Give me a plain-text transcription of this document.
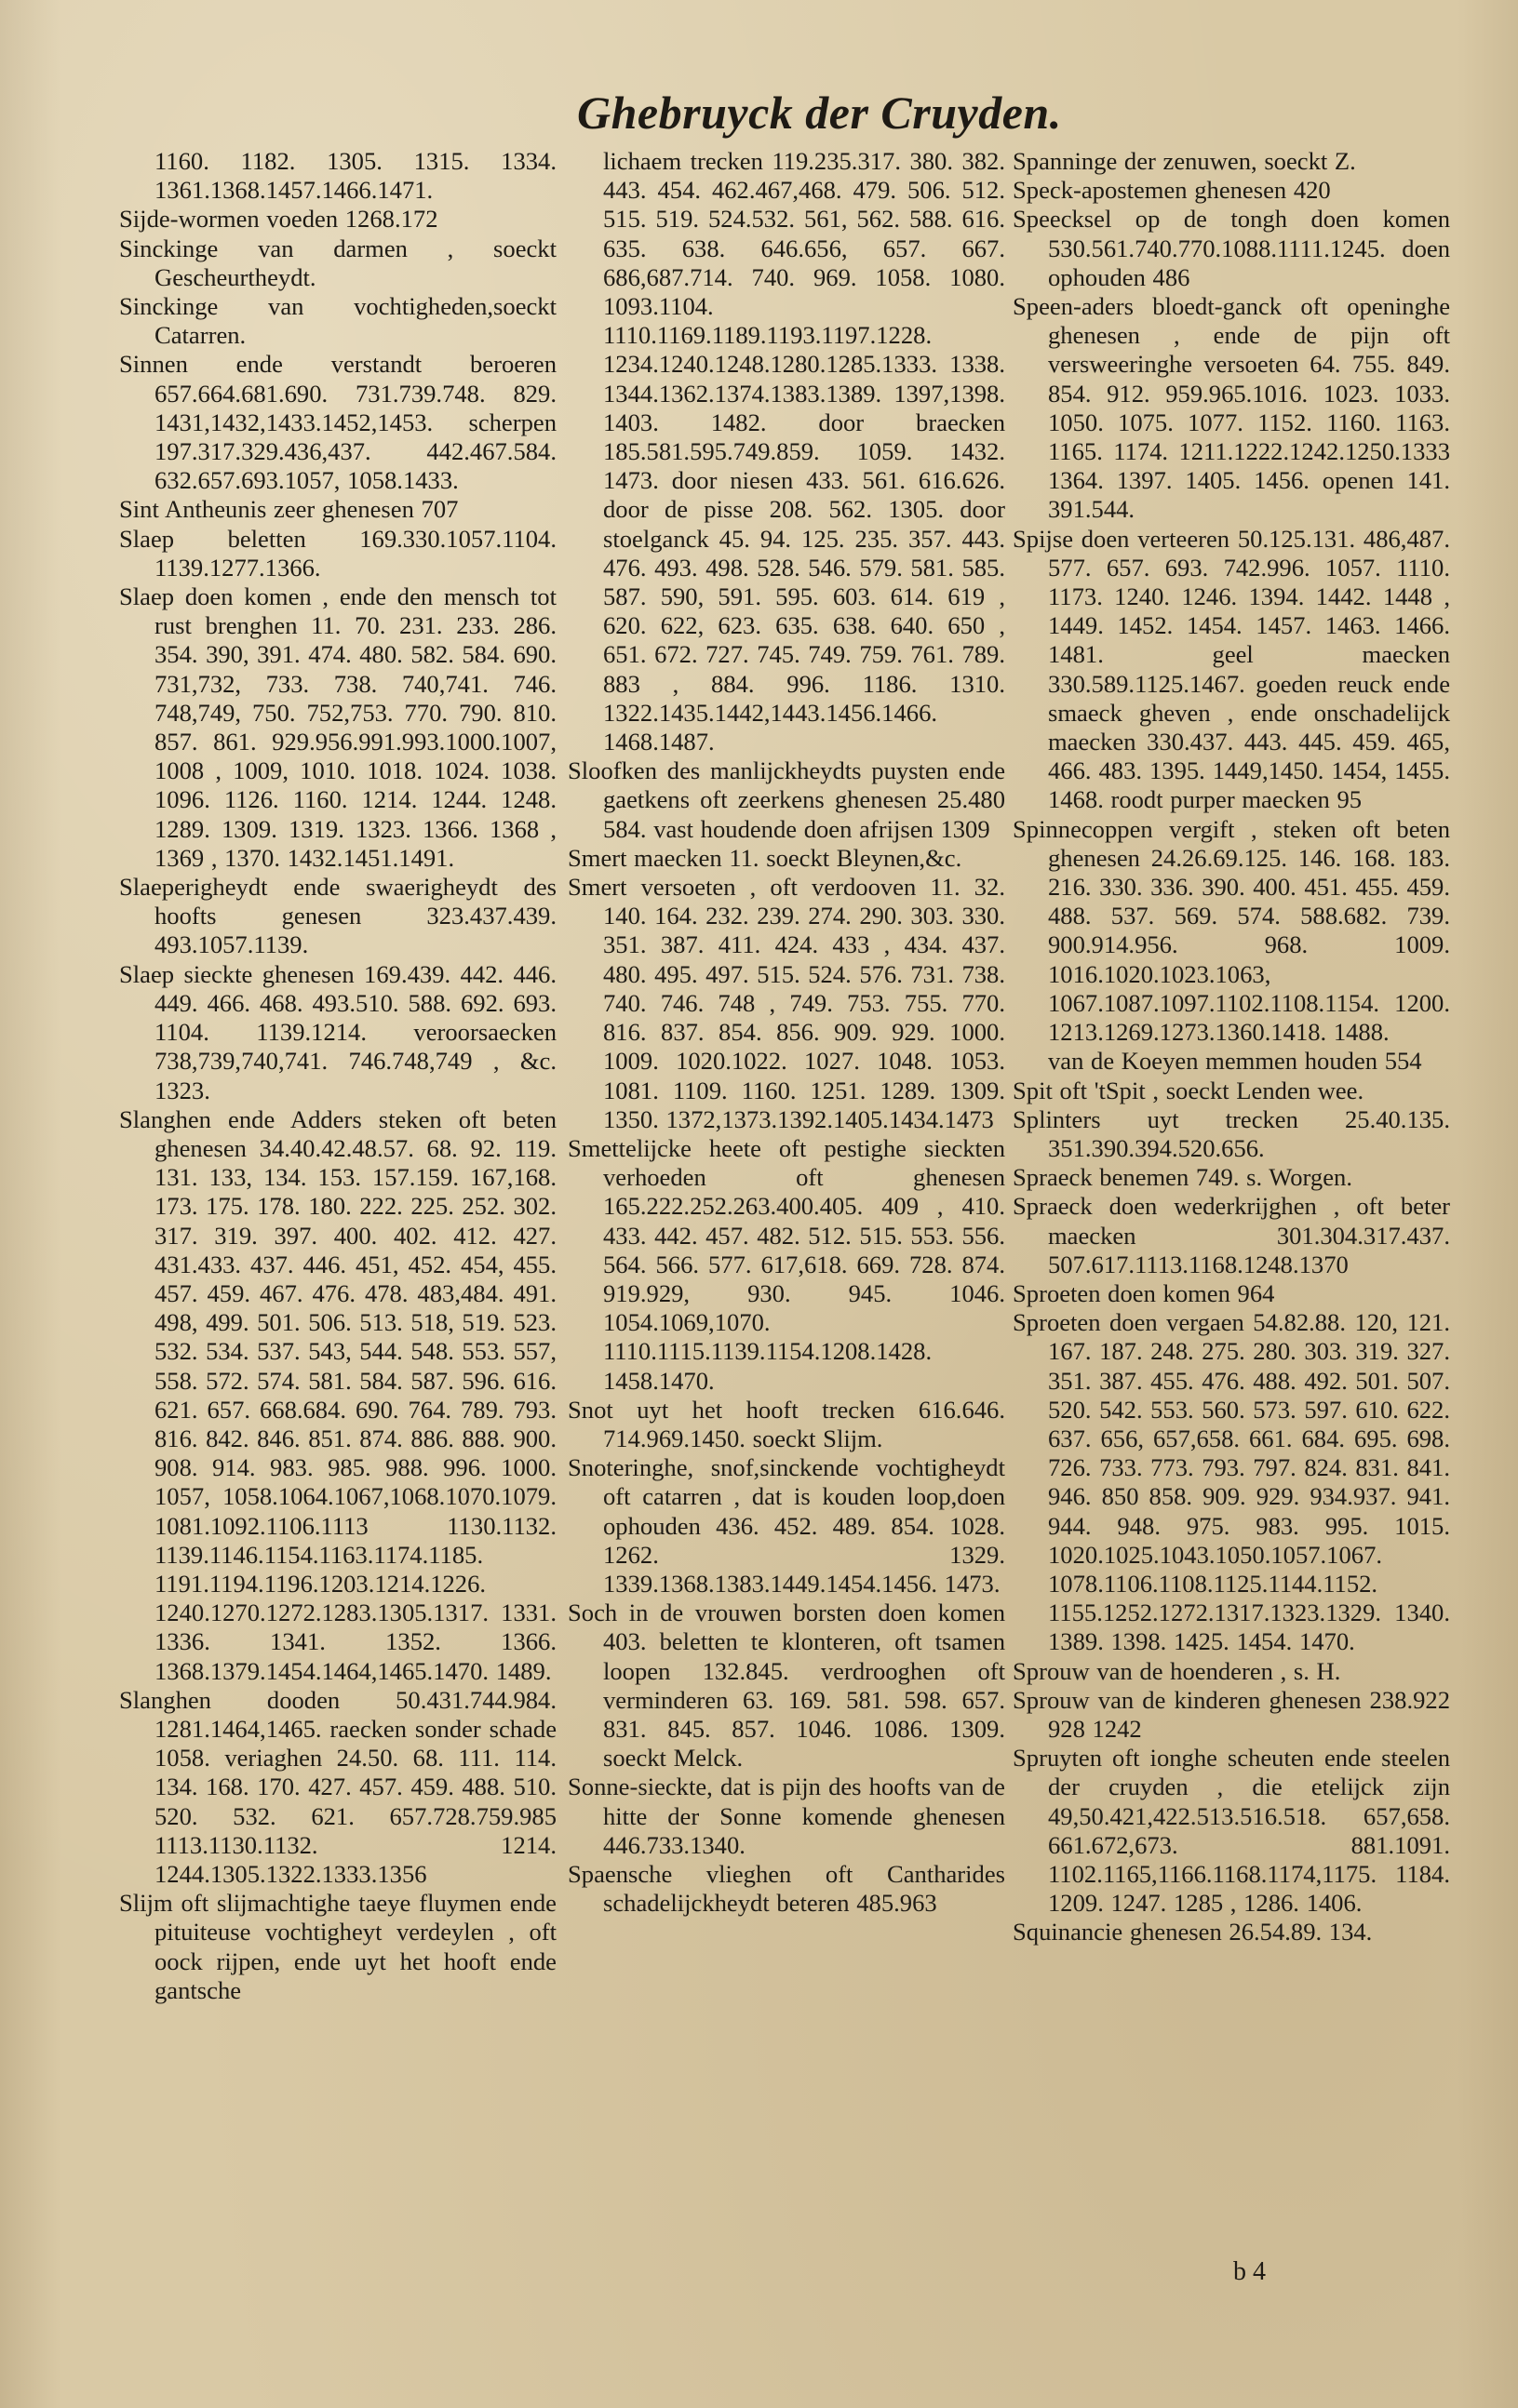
Ghebruyck der Cruyden.

1160. 1182. 1305. 1315. 1334. 1361.1368.1457.1466.1471.

Sijde-wormen voeden 1268.172

Sinckinge van darmen , soeckt Gescheurtheydt.

Sinckinge van vochtigheden,soeckt Catarren.

Sinnen ende verstandt beroeren 657.664.681.690. 731.739.748. 829. 1431,1432,1433.1452,1453. scherpen 197.317.329.436,437. 442.467.584. 632.657.693.1057, 1058.1433.

Sint Antheunis zeer ghenesen 707

Slaep beletten 169.330.1057.1104. 1139.1277.1366.

Slaep doen komen , ende den mensch tot rust brenghen 11. 70. 231. 233. 286. 354. 390, 391. 474. 480. 582. 584. 690. 731,732, 733. 738. 740,741. 746. 748,749, 750. 752,753. 770. 790. 810. 857. 861. 929.956.991.993.1000.1007, 1008 , 1009, 1010. 1018. 1024. 1038. 1096. 1126. 1160. 1214. 1244. 1248. 1289. 1309. 1319. 1323. 1366. 1368 , 1369 , 1370. 1432.1451.1491.

Slaeperigheydt ende swaerigheydt des hoofts genesen 323.437.439. 493.1057.1139.

Slaep sieckte ghenesen 169.439. 442. 446. 449. 466. 468. 493.510. 588. 692. 693. 1104. 1139.1214. veroorsaecken 738,739,740,741. 746.748,749 , &c. 1323.

Slanghen ende Adders steken oft beten ghenesen 34.40.42.48.57. 68. 92. 119. 131. 133, 134. 153. 157.159. 167,168. 173. 175. 178. 180. 222. 225. 252. 302. 317. 319. 397. 400. 402. 412. 427. 431.433. 437. 446. 451, 452. 454, 455. 457. 459. 467. 476. 478. 483,484. 491. 498, 499. 501. 506. 513. 518, 519. 523. 532. 534. 537. 543, 544. 548. 553. 557, 558. 572. 574. 581. 584. 587. 596. 616. 621. 657. 668.684. 690. 764. 789. 793. 816. 842. 846. 851. 874. 886. 888. 900. 908. 914. 983. 985. 988. 996. 1000. 1057, 1058.1064.1067,1068.1070.1079. 1081.1092.1106.1113 1130.1132. 1139.1146.1154.1163.1174.1185. 1191.1194.1196.1203.1214.1226. 1240.1270.1272.1283.1305.1317. 1331. 1336. 1341. 1352. 1366. 1368.1379.1454.1464,1465.1470. 1489.

Slanghen dooden 50.431.744.984. 1281.1464,1465. raecken sonder schade 1058. veriaghen 24.50. 68. 111. 114. 134. 168. 170. 427. 457. 459. 488. 510. 520. 532. 621. 657.728.759.985 1113.1130.1132. 1214. 1244.1305.1322.1333.1356

Slijm oft slijmachtighe taeye fluymen ende pituiteuse vochtigheyt verdeylen , oft oock rijpen, ende uyt het hooft ende gantsche

lichaem trecken 119.235.317. 380. 382. 443. 454. 462.467,468. 479. 506. 512. 515. 519. 524.532. 561, 562. 588. 616. 635. 638. 646.656, 657. 667. 686,687.714. 740. 969. 1058. 1080. 1093.1104. 1110.1169.1189.1193.1197.1228. 1234.1240.1248.1280.1285.1333. 1338. 1344.1362.1374.1383.1389. 1397,1398. 1403. 1482. door braecken 185.581.595.749.859. 1059. 1432. 1473. door niesen 433. 561. 616.626. door de pisse 208. 562. 1305. door stoelganck 45. 94. 125. 235. 357. 443. 476. 493. 498. 528. 546. 579. 581. 585. 587. 590, 591. 595. 603. 614. 619 , 620. 622, 623. 635. 638. 640. 650 , 651. 672. 727. 745. 749. 759. 761. 789. 883 , 884. 996. 1186. 1310. 1322.1435.1442,1443.1456.1466. 1468.1487.

Sloofken des manlijckheydts puysten ende gaetkens oft zeerkens ghenesen 25.480 584. vast houdende doen afrijsen 1309

Smert maecken 11. soeckt Bleynen,&c.

Smert versoeten , oft verdooven 11. 32. 140. 164. 232. 239. 274. 290. 303. 330. 351. 387. 411. 424. 433 , 434. 437. 480. 495. 497. 515. 524. 576. 731. 738. 740. 746. 748 , 749. 753. 755. 770. 816. 837. 854. 856. 909. 929. 1000. 1009. 1020.1022. 1027. 1048. 1053. 1081. 1109. 1160. 1251. 1289. 1309. 1350. 1372,1373.1392.1405.1434.1473

Smettelijcke heete oft pestighe sieckten verhoeden oft ghenesen 165.222.252.263.400.405. 409 , 410. 433. 442. 457. 482. 512. 515. 553. 556. 564. 566. 577. 617,618. 669. 728. 874. 919.929, 930. 945. 1046. 1054.1069,1070. 1110.1115.1139.1154.1208.1428. 1458.1470.

Snot uyt het hooft trecken 616.646. 714.969.1450. soeckt Slijm.

Snoteringhe, snof,sinckende vochtigheydt oft catarren , dat is kouden loop,doen ophouden 436. 452. 489. 854. 1028. 1262. 1329. 1339.1368.1383.1449.1454.1456. 1473.

Soch in de vrouwen borsten doen komen 403. beletten te klonteren, oft tsamen loopen 132.845. verdrooghen oft verminderen 63. 169. 581. 598. 657. 831. 845. 857. 1046. 1086. 1309. soeckt Melck.

Sonne-sieckte, dat is pijn des hoofts van de hitte der Sonne komende ghenesen 446.733.1340.

Spaensche vlieghen oft Cantharides schadelijckheydt beteren 485.963

Spanninge der zenuwen, soeckt Z.

Speck-apostemen ghenesen 420

Speecksel op de tongh doen komen 530.561.740.770.1088.1111.1245. doen ophouden 486

Speen-aders bloedt-ganck oft openinghe ghenesen , ende de pijn oft versweeringhe versoeten 64. 755. 849. 854. 912. 959.965.1016. 1023. 1033. 1050. 1075. 1077. 1152. 1160. 1163. 1165. 1174. 1211.1222.1242.1250.1333 1364. 1397. 1405. 1456. openen 141. 391.544.

Spijse doen verteeren 50.125.131. 486,487. 577. 657. 693. 742.996. 1057. 1110. 1173. 1240. 1246. 1394. 1442. 1448 , 1449. 1452. 1454. 1457. 1463. 1466. 1481. geel maecken 330.589.1125.1467. goeden reuck ende smaeck gheven , ende onschadelijck maecken 330.437. 443. 445. 459. 465, 466. 483. 1395. 1449,1450. 1454, 1455. 1468. roodt purper maecken 95

Spinnecoppen vergift , steken oft beten ghenesen 24.26.69.125. 146. 168. 183. 216. 330. 336. 390. 400. 451. 455. 459. 488. 537. 569. 574. 588.682. 739. 900.914.956. 968. 1009. 1016.1020.1023.1063, 1067.1087.1097.1102.1108.1154. 1200. 1213.1269.1273.1360.1418. 1488.

van de Koeyen memmen houden 554

Spit oft 'tSpit , soeckt Lenden wee.

Splinters uyt trecken 25.40.135. 351.390.394.520.656.

Spraeck benemen 749. s. Worgen.

Spraeck doen wederkrijghen , oft beter maecken 301.304.317.437. 507.617.1113.1168.1248.1370

Sproeten doen komen 964

Sproeten doen vergaen 54.82.88. 120, 121. 167. 187. 248. 275. 280. 303. 319. 327. 351. 387. 455. 476. 488. 492. 501. 507. 520. 542. 553. 560. 573. 597. 610. 622. 637. 656, 657,658. 661. 684. 695. 698. 726. 733. 773. 793. 797. 824. 831. 841. 946. 850 858. 909. 929. 934.937. 941. 944. 948. 975. 983. 995. 1015. 1020.1025.1043.1050.1057.1067. 1078.1106.1108.1125.1144.1152. 1155.1252.1272.1317.1323.1329. 1340. 1389. 1398. 1425. 1454. 1470.

Sprouw van de hoenderen , s. H.

Sprouw van de kinderen ghenesen 238.922 928 1242

Spruyten oft ionghe scheuten ende steelen der cruyden , die etelijck zijn 49,50.421,422.513.516.518. 657,658. 661.672,673. 881.1091. 1102.1165,1166.1168.1174,1175. 1184. 1209. 1247. 1285 , 1286. 1406.

Squinancie ghenesen 26.54.89. 134.

b 4
